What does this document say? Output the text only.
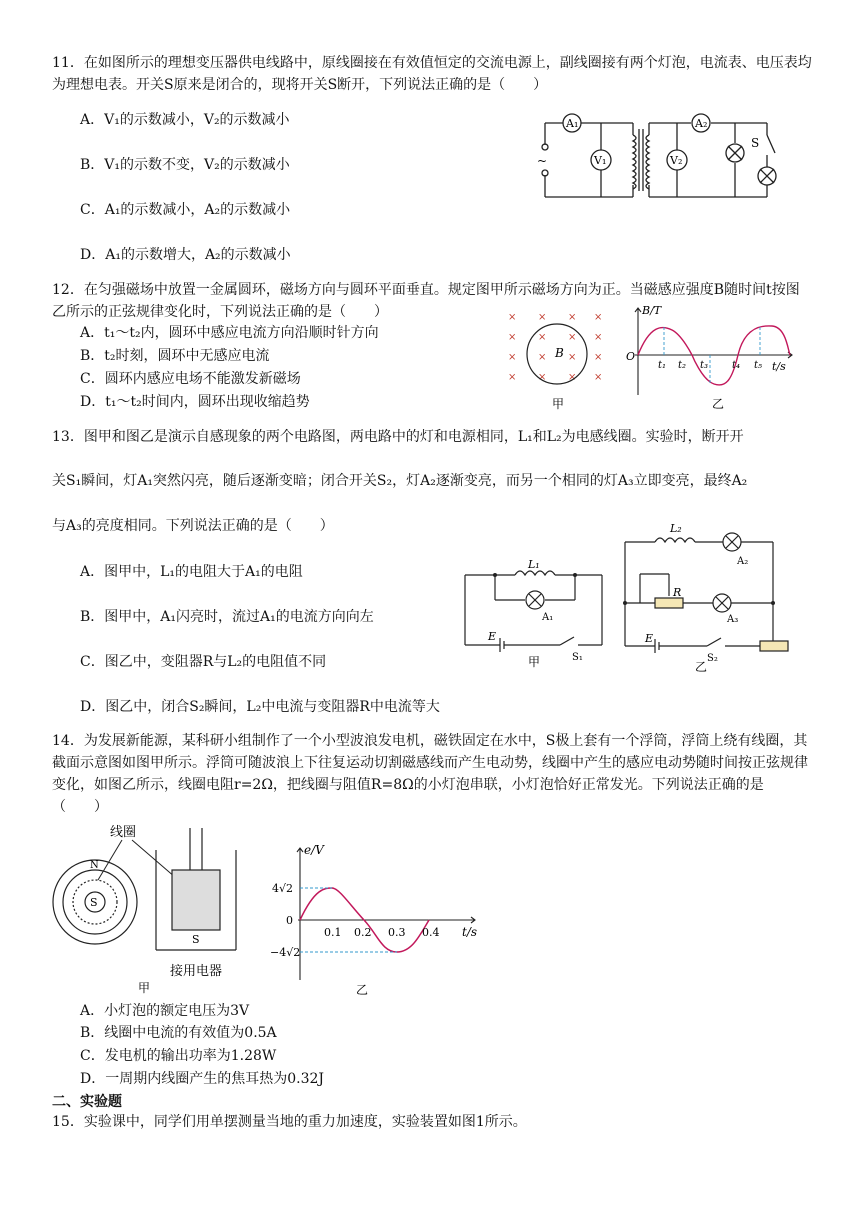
11．在如图所示的理想变压器供电线路中，原线圈接在有效值恒定的交流电源上，副线圈接有两个灯泡，电流表、电压表均为理想电表。开关S原来是闭合的，现将开关S断开，下列说法正确的是（　　）
A．V₁的示数减小，V₂的示数减小
B．V₁的示数不变，V₂的示数减小
C．A₁的示数减小，A₂的示数减小
D．A₁的示数增大，A₂的示数减小
A₁
V₁
A₂
V₂
S
~
12．在匀强磁场中放置一金属圆环，磁场方向与圆环平面垂直。规定图甲所示磁场方向为正。当磁感应强度B随时间t按图乙所示的正弦规律变化时，下列说法正确的是（　　）
A．t₁～t₂内，圆环中感应电流方向沿顺时针方向
B．t₂时刻，圆环中无感应电流
C．圆环内感应电场不能激发新磁场
D．t₁～t₂时间内，圆环出现收缩趋势
× × × ×
× × × ×
× × × ×
× × × ×
B
甲
B/T
t/s
O
t₁ t₂ t₃ t₄ t₅
乙
13．图甲和图乙是演示自感现象的两个电路图，两电路中的灯和电源相同，L₁和L₂为电感线圈。实验时，断开开
关S₁瞬间，灯A₁突然闪亮，随后逐渐变暗；闭合开关S₂，灯A₂逐渐变亮，而另一个相同的灯A₃立即变亮，最终A₂
与A₃的亮度相同。下列说法正确的是（　　）
A．图甲中，L₁的电阻大于A₁的电阻
B．图甲中，A₁闪亮时，流过A₁的电流方向向左
C．图乙中，变阻器R与L₂的电阻值不同
D．图乙中，闭合S₂瞬间，L₂中电流与变阻器R中电流等大
L₁
A₁
E
S₁
甲
L₂
A₂
R
A₃
E
S₂
乙
14．为发展新能源，某科研小组制作了一个小型波浪发电机，磁铁固定在水中，S极上套有一个浮筒，浮筒上绕有线圈，其截面示意图如图甲所示。浮筒可随波浪上下往复运动切割磁感线而产生电动势，线圈中产生的感应电动势随时间按正弦规律变化，如图乙所示，线圈电阻r=2Ω，把线圈与阻值R=8Ω的小灯泡串联，小灯泡恰好正常发光。下列说法正确的是（　　）
A．小灯泡的额定电压为3V
B．线圈中电流的有效值为0.5A
C．发电机的输出功率为1.28W
D．一周期内线圈产生的焦耳热为0.32J
线圈
S
N
S
接用电器
甲
e/V
t/s
4√2
−4√2
0
0.1 0.2 0.3 0.4
乙
二、实验题
15．实验课中，同学们用单摆测量当地的重力加速度，实验装置如图1所示。
